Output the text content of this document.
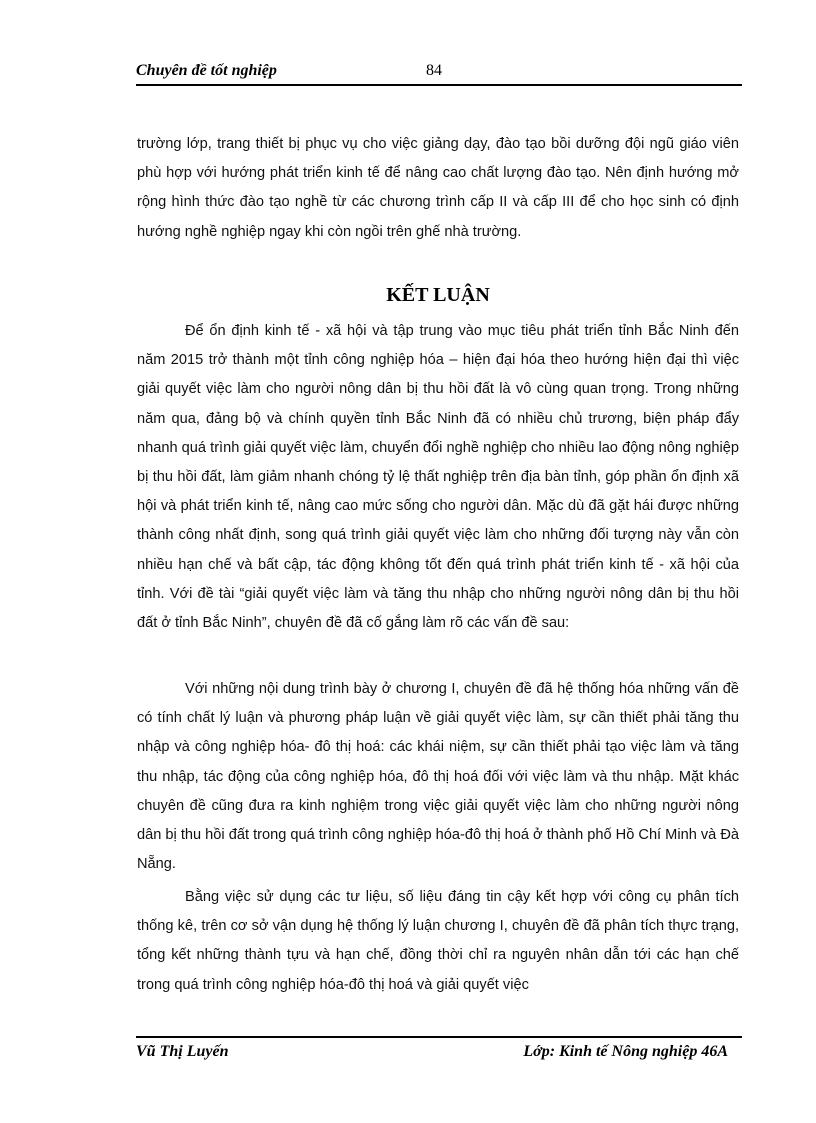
Chuyên đề tốt nghiệp	84

trường lớp, trang thiết bị phục vụ cho việc giảng dạy, đào tạo bồi dưỡng đội ngũ giáo viên phù hợp với hướng phát triển kinh tế để nâng cao chất lượng đào tạo. Nên định hướng mở rộng hình thức đào tạo nghề từ các chương trình cấp II và cấp III để cho học sinh có định hướng nghề nghiệp ngay khi còn ngồi trên ghế nhà trường.

KẾT LUẬN

Để ổn định kinh tế - xã hội và tập trung vào mục tiêu phát triển tỉnh Bắc Ninh đến năm 2015 trở thành một tỉnh công nghiệp hóa – hiện đại hóa theo hướng hiện đại thì việc giải quyết việc làm cho người nông dân bị thu hồi đất là vô cùng quan trọng. Trong những năm qua, đảng bộ và chính quyền tỉnh Bắc Ninh đã có nhiều chủ trương, biện pháp đẩy nhanh quá trình giải quyết việc làm, chuyển đổi nghề nghiệp cho nhiều lao động nông nghiệp bị thu hồi đất, làm giảm nhanh chóng tỷ lệ thất nghiệp trên địa bàn tỉnh, góp phần ổn định xã hội và phát triển kinh tế, nâng cao mức sống cho người dân. Mặc dù đã gặt hái được những thành công nhất định, song quá trình giải quyết việc làm cho những đối tượng này vẫn còn nhiều hạn chế và bất cập, tác động không tốt đến quá trình phát triển kinh tế - xã hội của tỉnh. Với đề tài “giải quyết việc làm và tăng thu nhập cho những người nông dân bị thu hồi đất ở tỉnh Bắc Ninh”, chuyên đề đã cố gắng làm rõ các vấn đề sau:

Với những nội dung trình bày ở chương I, chuyên đề đã hệ thống hóa những vấn đề có tính chất lý luận và phương pháp luận về giải quyết việc làm, sự cần thiết phải tăng thu nhập và công nghiệp hóa- đô thị hoá: các khái niệm, sự cần thiết phải tạo việc làm và tăng thu nhập, tác động của công nghiệp hóa, đô thị hoá đối với việc làm và thu nhập. Mặt khác chuyên đề cũng đưa ra kinh nghiệm trong việc giải quyết việc làm cho những người nông dân bị thu hồi đất trong quá trình công nghiệp hóa-đô thị hoá ở thành phố Hồ Chí Minh và Đà Nẵng.

Bằng việc sử dụng các tư liệu, số liệu đáng tin cậy kết hợp với công cụ phân tích thống kê, trên cơ sở vận dụng hệ thống lý luận chương I, chuyên đề đã phân tích thực trạng, tổng kết những thành tựu và hạn chế, đồng thời chỉ ra nguyên nhân dẫn tới các hạn chế trong quá trình công nghiệp hóa-đô thị hoá và giải quyết việc

Vũ Thị Luyến	Lớp: Kinh tế Nông nghiệp 46A
